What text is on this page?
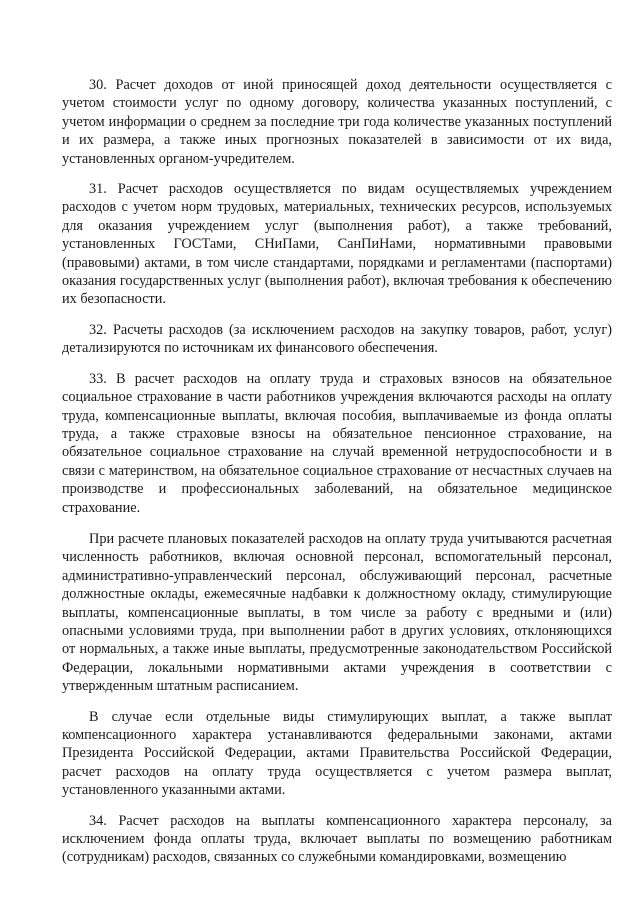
30. Расчет доходов от иной приносящей доход деятельности осуществляется с учетом стоимости услуг по одному договору, количества указанных поступлений, с учетом информации о среднем за последние три года количестве указанных поступлений и их размера, а также иных прогнозных показателей в зависимости от их вида, установленных органом-учредителем.

31. Расчет расходов осуществляется по видам осуществляемых учреждением расходов с учетом норм трудовых, материальных, технических ресурсов, используемых для оказания учреждением услуг (выполнения работ), а также требований, установленных ГОСТами, СНиПами, СанПиНами, нормативными правовыми (правовыми) актами, в том числе стандартами, порядками и регламентами (паспортами) оказания государственных услуг (выполнения работ), включая требования к обеспечению их безопасности.

32. Расчеты расходов (за исключением расходов на закупку товаров, работ, услуг) детализируются по источникам их финансового обеспечения.

33. В расчет расходов на оплату труда и страховых взносов на обязательное социальное страхование в части работников учреждения включаются расходы на оплату труда, компенсационные выплаты, включая пособия, выплачиваемые из фонда оплаты труда, а также страховые взносы на обязательное пенсионное страхование, на обязательное социальное страхование на случай временной нетрудоспособности и в связи с материнством, на обязательное социальное страхование от несчастных случаев на производстве и профессиональных заболеваний, на обязательное медицинское страхование.

При расчете плановых показателей расходов на оплату труда учитываются расчетная численность работников, включая основной персонал, вспомогательный персонал, административно-управленческий персонал, обслуживающий персонал, расчетные должностные оклады, ежемесячные надбавки к должностному окладу, стимулирующие выплаты, компенсационные выплаты, в том числе за работу с вредными и (или) опасными условиями труда, при выполнении работ в других условиях, отклоняющихся от нормальных, а также иные выплаты, предусмотренные законодательством Российской Федерации, локальными нормативными актами учреждения в соответствии с утвержденным штатным расписанием.

В случае если отдельные виды стимулирующих выплат, а также выплат компенсационного характера устанавливаются федеральными законами, актами Президента Российской Федерации, актами Правительства Российской Федерации, расчет расходов на оплату труда осуществляется с учетом размера выплат, установленного указанными актами.

34. Расчет расходов на выплаты компенсационного характера персоналу, за исключением фонда оплаты труда, включает выплаты по возмещению работникам (сотрудникам) расходов, связанных со служебными командировками, возмещению
